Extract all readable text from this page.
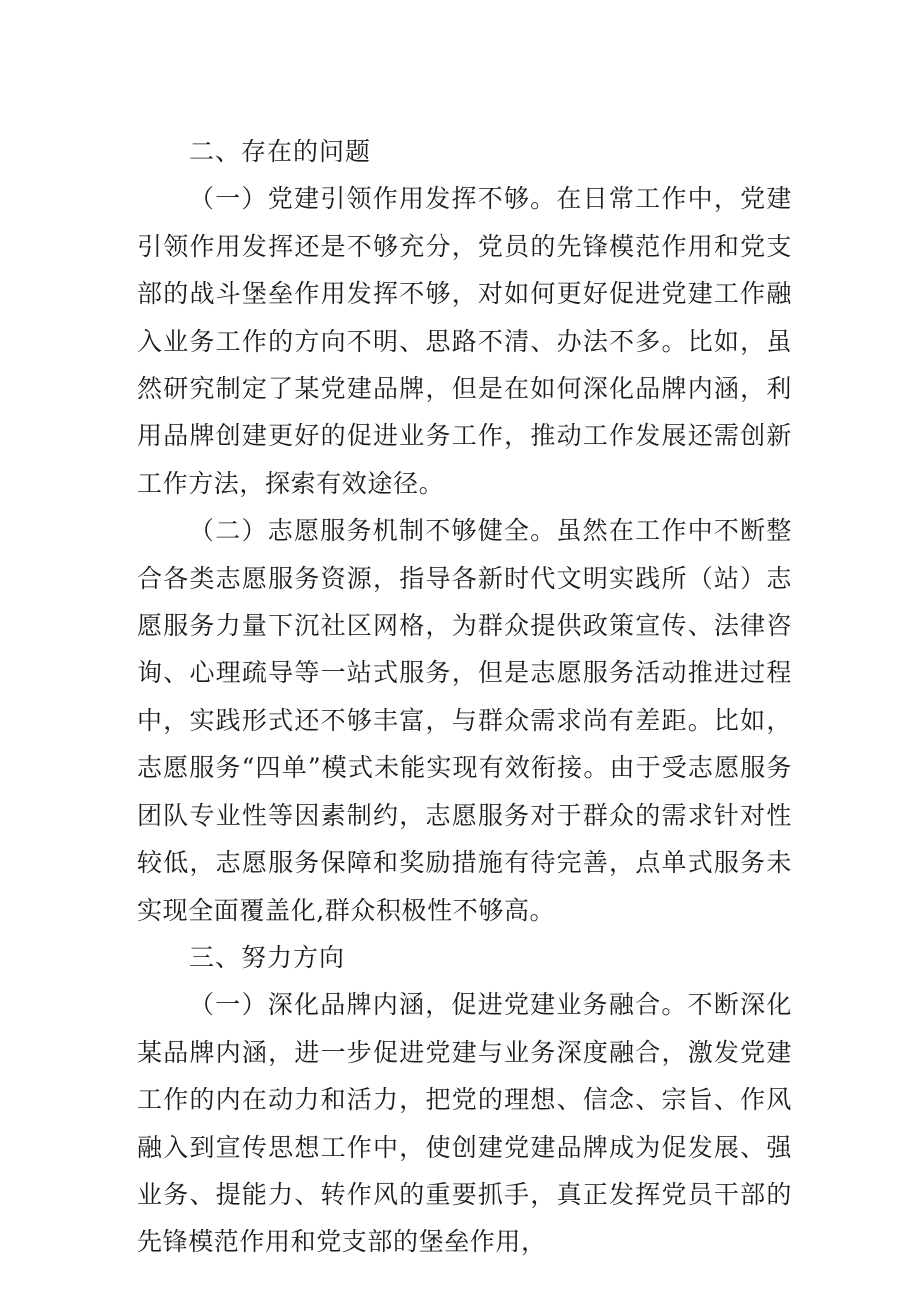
二、存在的问题

（一）党建引领作用发挥不够。在日常工作中，党建引领作用发挥还是不够充分，党员的先锋模范作用和党支部的战斗堡垒作用发挥不够，对如何更好促进党建工作融入业务工作的方向不明、思路不清、办法不多。比如，虽然研究制定了某党建品牌，但是在如何深化品牌内涵，利用品牌创建更好的促进业务工作，推动工作发展还需创新工作方法，探索有效途径。

（二）志愿服务机制不够健全。虽然在工作中不断整合各类志愿服务资源，指导各新时代文明实践所（站）志愿服务力量下沉社区网格，为群众提供政策宣传、法律咨询、心理疏导等一站式服务，但是志愿服务活动推进过程中，实践形式还不够丰富，与群众需求尚有差距。比如，志愿服务“四单”模式未能实现有效衔接。由于受志愿服务团队专业性等因素制约，志愿服务对于群众的需求针对性较低，志愿服务保障和奖励措施有待完善，点单式服务未实现全面覆盖化,群众积极性不够高。

三、努力方向

（一）深化品牌内涵，促进党建业务融合。不断深化某品牌内涵，进一步促进党建与业务深度融合，激发党建工作的内在动力和活力，把党的理想、信念、宗旨、作风融入到宣传思想工作中，使创建党建品牌成为促发展、强业务、提能力、转作风的重要抓手，真正发挥党员干部的先锋模范作用和党支部的堡垒作用，
